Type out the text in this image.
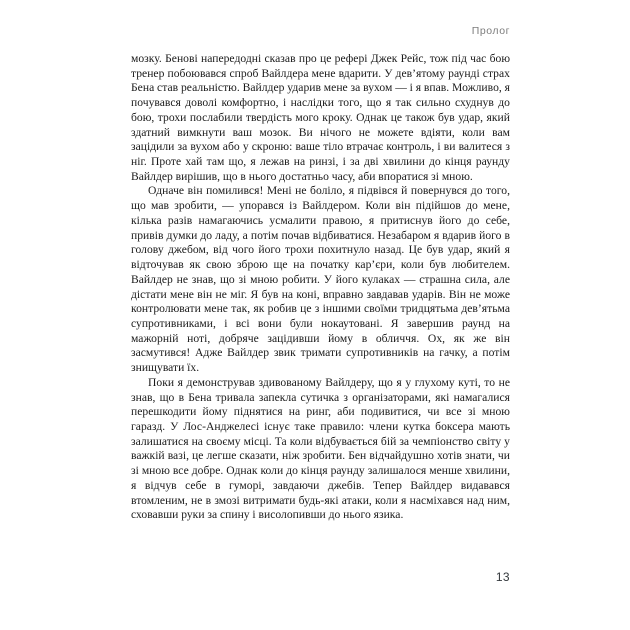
Пролог

мозку. Бенові напередодні сказав про це рефері Джек Рейс, тож під час бою тренер побоювався спроб Вайлдера мене вдарити. У дев’ятому раунді страх Бена став реальністю. Вайлдер ударив мене за вухом — і я впав. Можливо, я почувався доволі комфортно, і наслідки того, що я так сильно схуднув до бою, трохи послабили твердість мого кроку. Однак це також був удар, який здатний вимкнути ваш мозок. Ви нічого не можете вдіяти, коли вам зацідили за вухом або у скроню: ваше тіло втрачає контроль, і ви валитеся з ніг. Проте хай там що, я лежав на ринзі, і за дві хвилини до кінця раунду Вайлдер вирішив, що в нього достатньо часу, аби впоратися зі мною.

Одначе він помилився! Мені не боліло, я підвівся й повернувся до того, що мав зробити, — упорався із Вайлдером. Коли він підійшов до мене, кілька разів намагаючись усмалити правою, я притиснув його до себе, привів думки до ладу, а потім почав відбиватися. Незабаром я вдарив його в голову джебом, від чого його трохи похитнуло назад. Це був удар, який я відточував як свою зброю ще на початку кар’єри, коли був любителем. Вайлдер не знав, що зі мною робити. У його кулаках — страшна сила, але дістати мене він не міг. Я був на коні, вправно завдавав ударів. Він не може контролювати мене так, як робив це з іншими своїми тридцятьма дев’ятьма супротивниками, і всі вони були нокаутовані. Я завершив раунд на мажорній ноті, добряче зацідивши йому в обличчя. Ох, як же він засмутився! Адже Вайлдер звик тримати супротивників на гачку, а потім знищувати їх.

Поки я демонстрував здивованому Вайлдеру, що я у глухому куті, то не знав, що в Бена тривала запекла сутичка з організаторами, які намагалися перешкодити йому піднятися на ринг, аби подивитися, чи все зі мною гаразд. У Лос-Анджелесі існує таке правило: члени кутка боксера мають залишатися на своєму місці. Та коли відбувається бій за чемпіонство світу у важкій вазі, це легше сказати, ніж зробити. Бен відчайдушно хотів знати, чи зі мною все добре. Однак коли до кінця раунду залишалося менше хвилини, я відчув себе в гуморі, завдаючи джебів. Тепер Вайлдер видавався втомленим, не в змозі витримати будь-які атаки, коли я насміхався над ним, сховавши руки за спину і висолопивши до нього язика.

13
